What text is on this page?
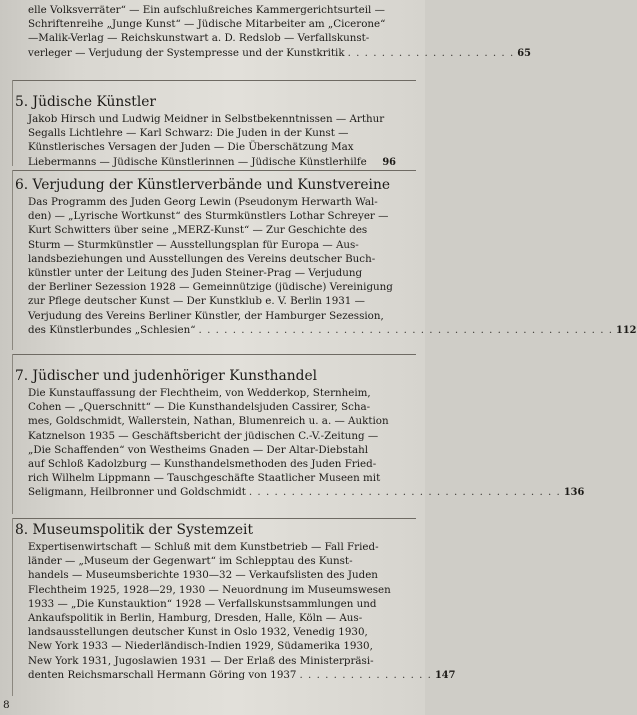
elle Volksverräter“ — Ein aufschlußreiches Kammergerichtsurteil —
Schriftenreihe „Junge Kunst“ — Jüdische Mitarbeiter am „Cicerone“
—Malik-Verlag — Reichskunstwart a. D. Redslob — Verfallskunst-
verleger — Verjudung der Systempresse und der Kunstkritik . . . . . . . . . . . . . . . . . . . . 65
5. Jüdische Künstler
Jakob Hirsch und Ludwig Meidner in Selbstbekenntnissen — Arthur
Segalls Lichtlehre — Karl Schwarz: Die Juden in der Kunst —
Künstlerisches Versagen der Juden — Die Überschätzung Max
Liebermanns — Jüdische Künstlerinnen — Jüdische Künstlerhilfe 96
6. Verjudung der Künstlerverbände und Kunstvereine
Das Programm des Juden Georg Lewin (Pseudonym Herwarth Wal-
den) — „Lyrische Wortkunst“ des Sturmkünstlers Lothar Schreyer —
Kurt Schwitters über seine „MERZ-Kunst“ — Zur Geschichte des
Sturm — Sturmkünstler — Ausstellungsplan für Europa — Aus-
landsbeziehungen und Ausstellungen des Vereins deutscher Buch-
künstler unter der Leitung des Juden Steiner-Prag — Verjudung
der Berliner Sezession 1928 — Gemeinnützige (jüdische) Vereinigung
zur Pflege deutscher Kunst — Der Kunstklub e. V. Berlin 1931 —
Verjudung des Vereins Berliner Künstler, der Hamburger Sezession,
des Künstlerbundes „Schlesien“ . . . . . . . . . . . . . . . . . . . . . . . . . . . . . . . . . . . . . . . . . . . . . . . . . 112
7. Jüdischer und judenhöriger Kunsthandel
Die Kunstauffassung der Flechtheim, von Wedderkop, Sternheim,
Cohen — „Querschnitt“ — Die Kunsthandelsjuden Cassirer, Scha-
mes, Goldschmidt, Wallerstein, Nathan, Blumenreich u. a. — Auktion
Katznelson 1935 — Geschäftsbericht der jüdischen C.-V.-Zeitung —
„Die Schaffenden“ von Westheims Gnaden — Der Altar-Diebstahl
auf Schloß Kadolzburg — Kunsthandelsmethoden des Juden Fried-
rich Wilhelm Lippmann — Tauschgeschäfte Staatlicher Museen mit
Seligmann, Heilbronner und Goldschmidt . . . . . . . . . . . . . . . . . . . . . . . . . . . . . . . . . . . . . 136
8. Museumspolitik der Systemzeit
Expertisenwirtschaft — Schluß mit dem Kunstbetrieb — Fall Fried-
länder — „Museum der Gegenwart“ im Schlepptau des Kunst-
handels — Museumsberichte 1930—32 — Verkaufslisten des Juden
Flechtheim 1925, 1928—29, 1930 — Neuordnung im Museumswesen
1933 — „Die Kunstauktion“ 1928 — Verfallskunstsammlungen und
Ankaufspolitik in Berlin, Hamburg, Dresden, Halle, Köln — Aus-
landsausstellungen deutscher Kunst in Oslo 1932, Venedig 1930,
New York 1933 — Niederländisch-Indien 1929, Südamerika 1930,
New York 1931, Jugoslawien 1931 — Der Erlaß des Ministerpräsi-
denten Reichsmarschall Hermann Göring von 1937 . . . . . . . . . . . . . . . . 147
8
